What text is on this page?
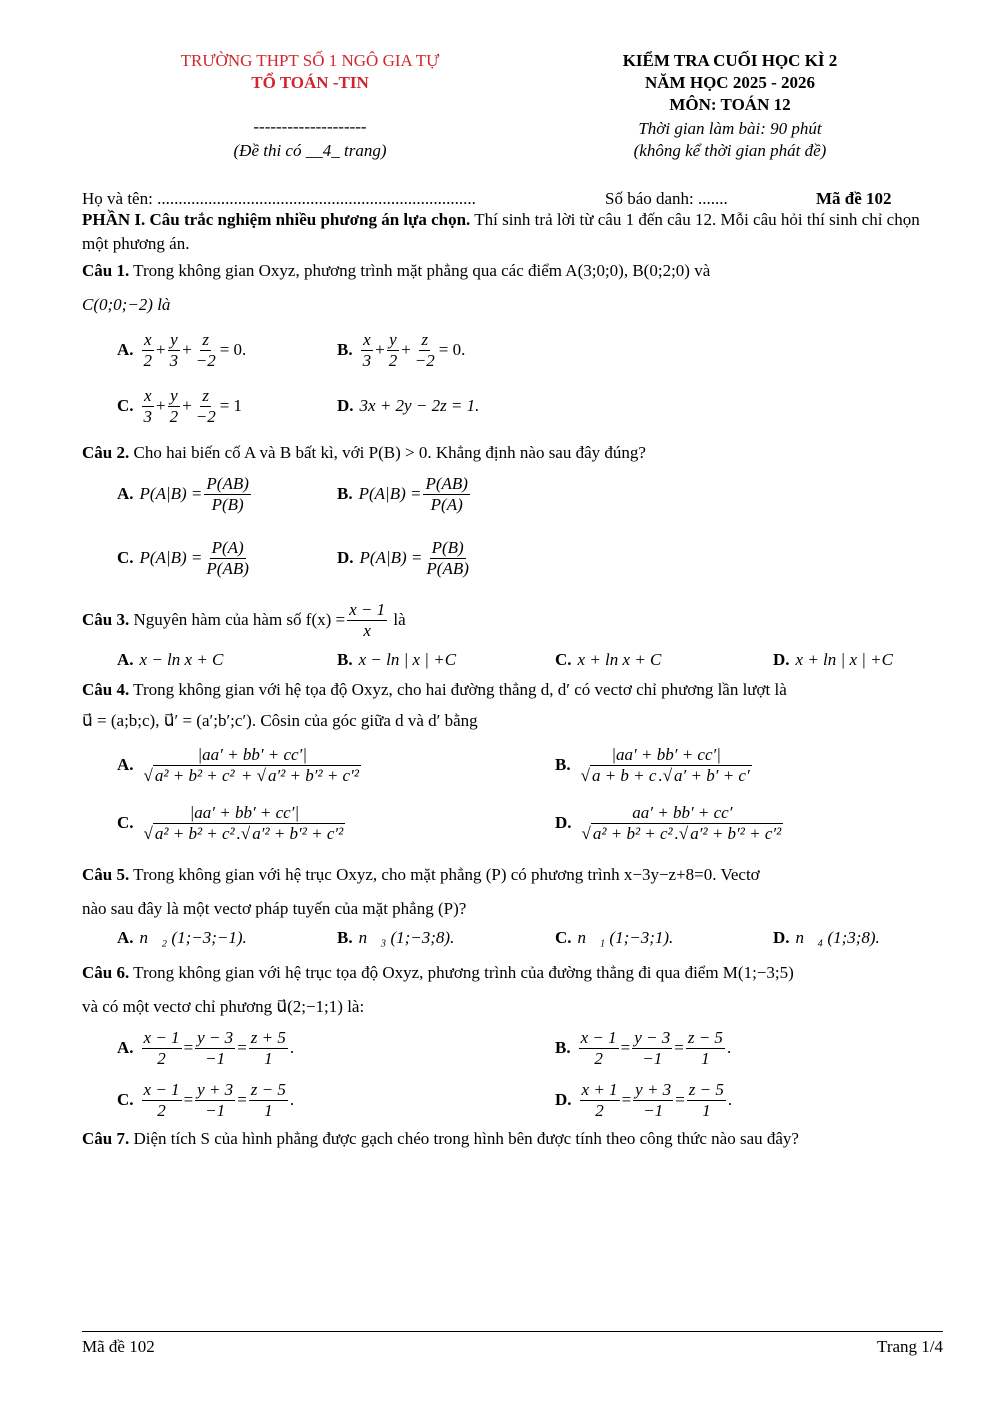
TRƯỜNG THPT SỐ 1 NGÔ GIA TỰ
TỔ TOÁN -TIN
--------------------
(Đề thi có __4_ trang)
KIỂM TRA CUỐI HỌC KÌ 2
NĂM HỌC 2025 - 2026
MÔN: TOÁN 12
Thời gian làm bài: 90 phút
(không kể thời gian phát đề)
Họ và tên: ...........................................................................	Số báo danh: .......	Mã đề 102
PHẦN I. Câu trắc nghiệm nhiều phương án lựa chọn. Thí sinh trả lời từ câu 1 đến câu 12. Mỗi câu hỏi thí sinh chỉ chọn một phương án.
Câu 1. Trong không gian Oxyz, phương trình mặt phẳng qua các điểm A(3;0;0), B(0;2;0) và
C(0;0;−2) là
A. $\frac{x}{2} + \frac{y}{3} + \frac{z}{-2} = 0$.	B. $\frac{x}{3} + \frac{y}{2} + \frac{z}{-2} = 0$.
C. $\frac{x}{3} + \frac{y}{2} + \frac{z}{-2} = 1$	D. 3x + 2y − 2z = 1.
Câu 2. Cho hai biến cố A và B bất kì, với P(B) > 0. Khẳng định nào sau đây đúng?
A. $P(A|B) = \frac{P(AB)}{P(B)}$	B. $P(A|B) = \frac{P(AB)}{P(A)}$
C. $P(A|B) = \frac{P(A)}{P(AB)}$	D. $P(A|B) = \frac{P(B)}{P(AB)}$
Câu 3. Nguyên hàm của hàm số $f(x) = \frac{x - 1}{x}$ là
A. x − ln x + C	B. x − ln | x | +C	C. x + ln x + C	D. x + ln | x | +C
Câu 4. Trong không gian với hệ tọa độ Oxyz, cho hai đường thẳng d, d′ có vectơ chỉ phương lần lượt là
u⃗ = (a;b;c), u⃗′ = (a′;b′;c′). Côsin của góc giữa d và d′ bằng
A. $\frac{|aa' + bb' + cc'|}{\text{√ a² + b² + c² + √ a′² + b′² + c′²}}$	B. $\frac{|aa' + bb' + cc'|}{√ a + b + c .√ a' + b' + c'}$
C. $\frac{|aa' + bb' + cc'|}{\text{√ a² + b² + c² .√ a′² + b′² + c′²}}$	D. $\frac{aa' + bb' + cc'}{\text{√ a² + b² + c² .√ a′² + b′² + c′²}}$
Câu 5. Trong không gian với hệ trục Oxyz, cho mặt phẳng (P) có phương trình x−3y−z+8=0. Vectơ
nào sau đây là một vectơ pháp tuyến của mặt phẳng (P)?
A. n⃗₂ (1;−3;−1).	B. n⃗₃ (1;−3;8).	C. n⃗₁ (1;−3;1).	D. n⃗₄ (1;3;8).
Câu 6. Trong không gian với hệ trục tọa độ Oxyz, phương trình của đường thẳng đi qua điểm M(1;−3;5)
và có một vectơ chỉ phương u⃗(2;−1;1) là:
A. $\frac{x - 1}{2} = \frac{y - 3}{-1} = \frac{z + 5}{1}$ .	B. $\frac{x - 1}{2} = \frac{y - 3}{-1} = \frac{z - 5}{1}$ .
C. $\frac{x - 1}{2} = \frac{y + 3}{-1} = \frac{z - 5}{1}$ .	D. $\frac{x + 1}{2} = \frac{y + 3}{-1} = \frac{z - 5}{1}$ .
Câu 7. Diện tích S của hình phẳng được gạch chéo trong hình bên được tính theo công thức nào sau đây?
Mã đề 102	Trang 1/4
